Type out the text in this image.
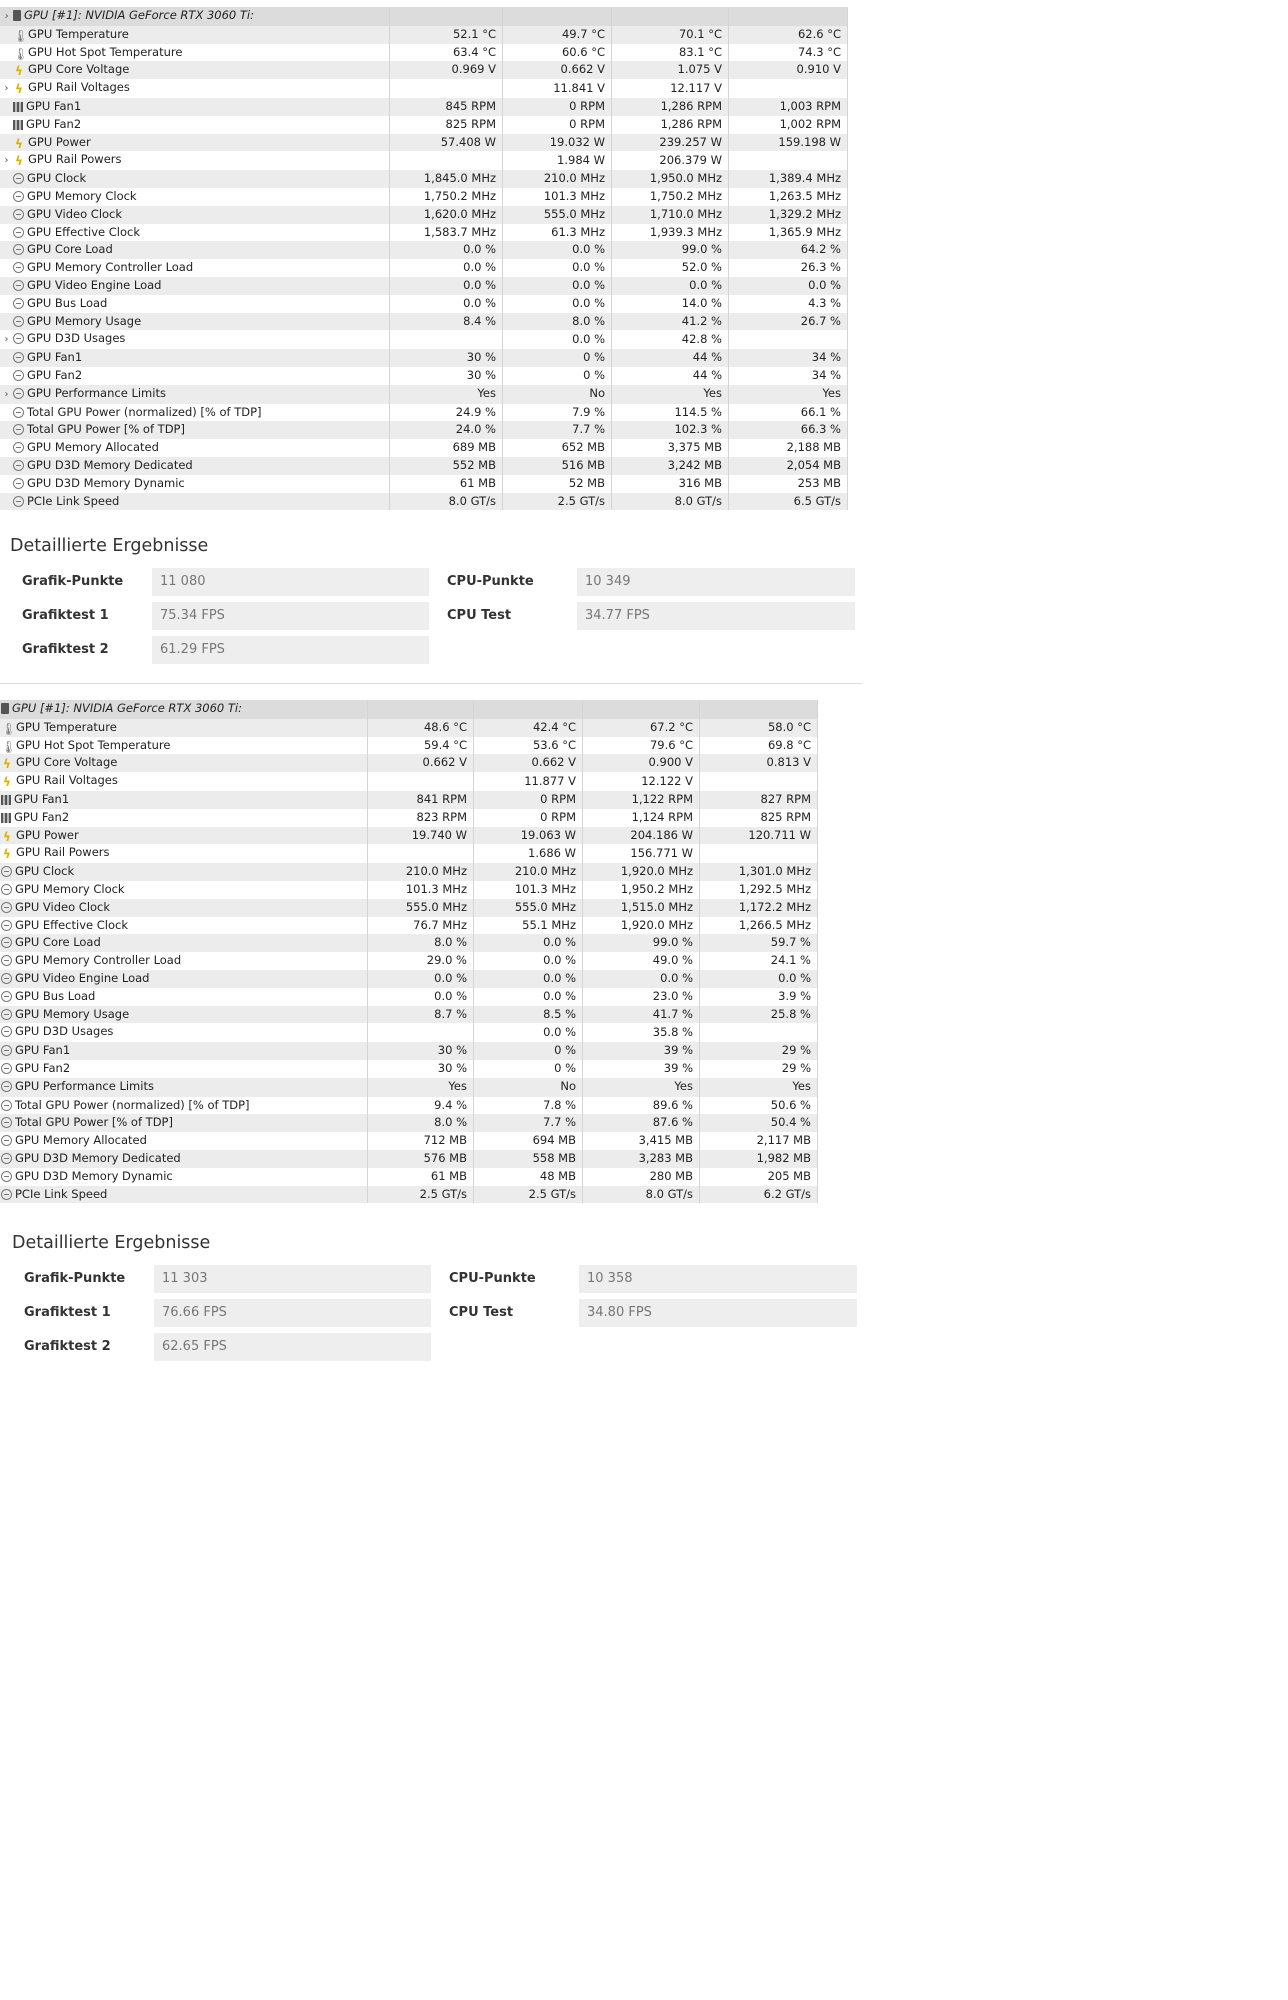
› GPU [#1]: NVIDIA GeForce RTX 3060 Ti:				
🌡GPU Temperature	52.1 °C	49.7 °C	70.1 °C	62.6 °C
🌡GPU Hot Spot Temperature	63.4 °C	60.6 °C	83.1 °C	74.3 °C
ϟ GPU Core Voltage	0.969 V	0.662 V	1.075 V	0.910 V
› ϟ GPU Rail Voltages		11.841 V	12.117 V	
GPU Fan1	845 RPM	0 RPM	1,286 RPM	1,003 RPM
GPU Fan2	825 RPM	0 RPM	1,286 RPM	1,002 RPM
ϟ GPU Power	57.408 W	19.032 W	239.257 W	159.198 W
› ϟ GPU Rail Powers		1.984 W	206.379 W	
GPU Clock	1,845.0 MHz	210.0 MHz	1,950.0 MHz	1,389.4 MHz
GPU Memory Clock	1,750.2 MHz	101.3 MHz	1,750.2 MHz	1,263.5 MHz
GPU Video Clock	1,620.0 MHz	555.0 MHz	1,710.0 MHz	1,329.2 MHz
GPU Effective Clock	1,583.7 MHz	61.3 MHz	1,939.3 MHz	1,365.9 MHz
GPU Core Load	0.0 %	0.0 %	99.0 %	64.2 %
GPU Memory Controller Load	0.0 %	0.0 %	52.0 %	26.3 %
GPU Video Engine Load	0.0 %	0.0 %	0.0 %	0.0 %
GPU Bus Load	0.0 %	0.0 %	14.0 %	4.3 %
GPU Memory Usage	8.4 %	8.0 %	41.2 %	26.7 %
› GPU D3D Usages		0.0 %	42.8 %	
GPU Fan1	30 %	0 %	44 %	34 %
GPU Fan2	30 %	0 %	44 %	34 %
› GPU Performance Limits	Yes	No	Yes	Yes
Total GPU Power (normalized) [% of TDP]	24.9 %	7.9 %	114.5 %	66.1 %
Total GPU Power [% of TDP]	24.0 %	7.7 %	102.3 %	66.3 %
GPU Memory Allocated	689 MB	652 MB	3,375 MB	2,188 MB
GPU D3D Memory Dedicated	552 MB	516 MB	3,242 MB	2,054 MB
GPU D3D Memory Dynamic	61 MB	52 MB	316 MB	253 MB
PCIe Link Speed	8.0 GT/s	2.5 GT/s	8.0 GT/s	6.5 GT/s
Detaillierte Ergebnisse
Grafik-Punkte	11 080	CPU-Punkte	10 349
Grafiktest 1	75.34 FPS	CPU Test	34.77 FPS
Grafiktest 2	61.29 FPS
GPU [#1]: NVIDIA GeForce RTX 3060 Ti:				
🌡GPU Temperature	48.6 °C	42.4 °C	67.2 °C	58.0 °C
🌡GPU Hot Spot Temperature	59.4 °C	53.6 °C	79.6 °C	69.8 °C
ϟ GPU Core Voltage	0.662 V	0.662 V	0.900 V	0.813 V
ϟ GPU Rail Voltages		11.877 V	12.122 V	
GPU Fan1	841 RPM	0 RPM	1,122 RPM	827 RPM
GPU Fan2	823 RPM	0 RPM	1,124 RPM	825 RPM
ϟ GPU Power	19.740 W	19.063 W	204.186 W	120.711 W
ϟ GPU Rail Powers		1.686 W	156.771 W	
GPU Clock	210.0 MHz	210.0 MHz	1,920.0 MHz	1,301.0 MHz
GPU Memory Clock	101.3 MHz	101.3 MHz	1,950.2 MHz	1,292.5 MHz
GPU Video Clock	555.0 MHz	555.0 MHz	1,515.0 MHz	1,172.2 MHz
GPU Effective Clock	76.7 MHz	55.1 MHz	1,920.0 MHz	1,266.5 MHz
GPU Core Load	8.0 %	0.0 %	99.0 %	59.7 %
GPU Memory Controller Load	29.0 %	0.0 %	49.0 %	24.1 %
GPU Video Engine Load	0.0 %	0.0 %	0.0 %	0.0 %
GPU Bus Load	0.0 %	0.0 %	23.0 %	3.9 %
GPU Memory Usage	8.7 %	8.5 %	41.7 %	25.8 %
GPU D3D Usages		0.0 %	35.8 %	
GPU Fan1	30 %	0 %	39 %	29 %
GPU Fan2	30 %	0 %	39 %	29 %
GPU Performance Limits	Yes	No	Yes	Yes
Total GPU Power (normalized) [% of TDP]	9.4 %	7.8 %	89.6 %	50.6 %
Total GPU Power [% of TDP]	8.0 %	7.7 %	87.6 %	50.4 %
GPU Memory Allocated	712 MB	694 MB	3,415 MB	2,117 MB
GPU D3D Memory Dedicated	576 MB	558 MB	3,283 MB	1,982 MB
GPU D3D Memory Dynamic	61 MB	48 MB	280 MB	205 MB
PCIe Link Speed	2.5 GT/s	2.5 GT/s	8.0 GT/s	6.2 GT/s
Detaillierte Ergebnisse
Grafik-Punkte	11 303	CPU-Punkte	10 358
Grafiktest 1	76.66 FPS	CPU Test	34.80 FPS
Grafiktest 2	62.65 FPS
